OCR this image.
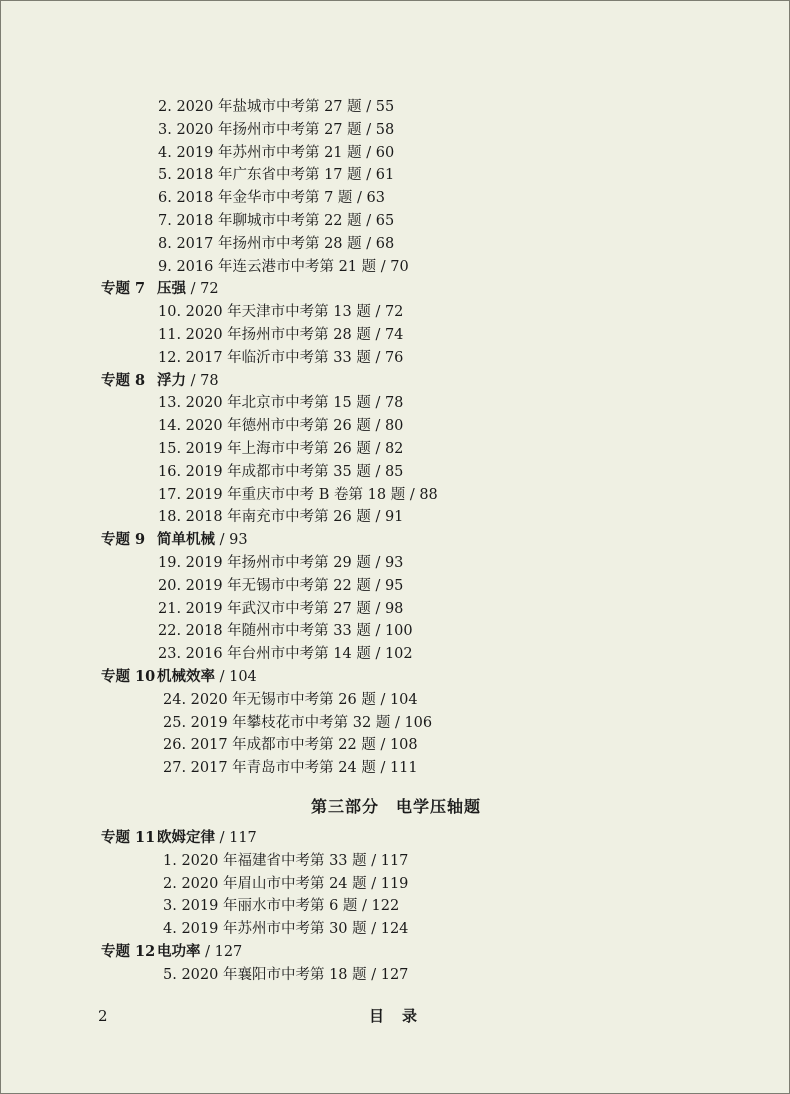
2. 2020 年盐城市中考第 27 题 / 55
3. 2020 年扬州市中考第 27 题 / 58
4. 2019 年苏州市中考第 21 题 / 60
5. 2018 年广东省中考第 17 题 / 61
6. 2018 年金华市中考第 7 题 / 63
7. 2018 年聊城市中考第 22 题 / 65
8. 2017 年扬州市中考第 28 题 / 68
9. 2016 年连云港市中考第 21 题 / 70
专题 7 压强 / 72
10. 2020 年天津市中考第 13 题 / 72
11. 2020 年扬州市中考第 28 题 / 74
12. 2017 年临沂市中考第 33 题 / 76
专题 8 浮力 / 78
13. 2020 年北京市中考第 15 题 / 78
14. 2020 年德州市中考第 26 题 / 80
15. 2019 年上海市中考第 26 题 / 82
16. 2019 年成都市中考第 35 题 / 85
17. 2019 年重庆市中考 B 卷第 18 题 / 88
18. 2018 年南充市中考第 26 题 / 91
专题 9 简单机械 / 93
19. 2019 年扬州市中考第 29 题 / 93
20. 2019 年无锡市中考第 22 题 / 95
21. 2019 年武汉市中考第 27 题 / 98
22. 2018 年随州市中考第 33 题 / 100
23. 2016 年台州市中考第 14 题 / 102
专题 10 机械效率 / 104
24. 2020 年无锡市中考第 26 题 / 104
25. 2019 年攀枝花市中考第 32 题 / 106
26. 2017 年成都市中考第 22 题 / 108
27. 2017 年青岛市中考第 24 题 / 111
第三部分　电学压轴题
专题 11 欧姆定律 / 117
1. 2020 年福建省中考第 33 题 / 117
2. 2020 年眉山市中考第 24 题 / 119
3. 2019 年丽水市中考第 6 题 / 122
4. 2019 年苏州市中考第 30 题 / 124
专题 12 电功率 / 127
5. 2020 年襄阳市中考第 18 题 / 127
2	目录
